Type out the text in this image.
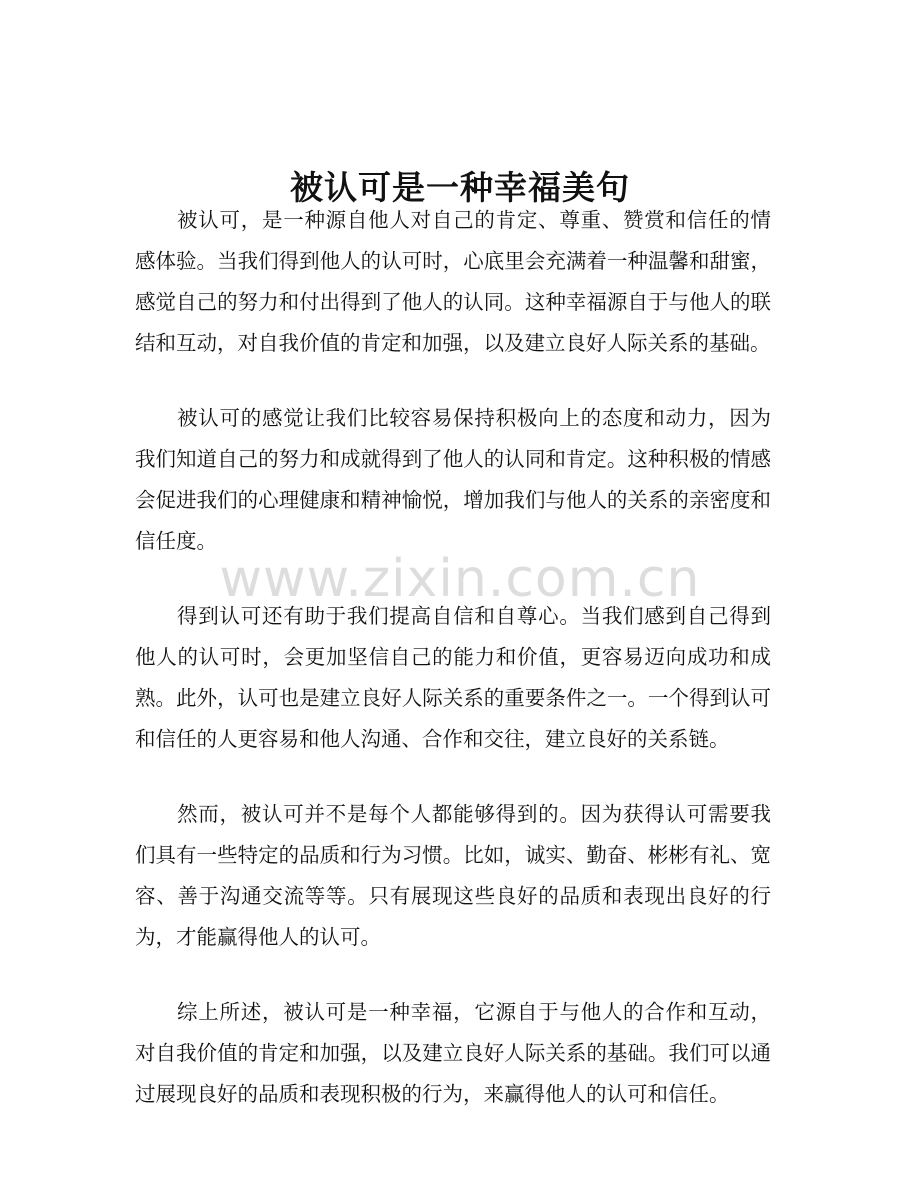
被认可是一种幸福美句

被认可，是一种源自他人对自己的肯定、尊重、赞赏和信任的情感体验。当我们得到他人的认可时，心底里会充满着一种温馨和甜蜜，感觉自己的努力和付出得到了他人的认同。这种幸福源自于与他人的联结和互动，对自我价值的肯定和加强，以及建立良好人际关系的基础。

被认可的感觉让我们比较容易保持积极向上的态度和动力，因为我们知道自己的努力和成就得到了他人的认同和肯定。这种积极的情感会促进我们的心理健康和精神愉悦，增加我们与他人的关系的亲密度和信任度。

得到认可还有助于我们提高自信和自尊心。当我们感到自己得到他人的认可时，会更加坚信自己的能力和价值，更容易迈向成功和成熟。此外，认可也是建立良好人际关系的重要条件之一。一个得到认可和信任的人更容易和他人沟通、合作和交往，建立良好的关系链。

然而，被认可并不是每个人都能够得到的。因为获得认可需要我们具有一些特定的品质和行为习惯。比如，诚实、勤奋、彬彬有礼、宽容、善于沟通交流等等。只有展现这些良好的品质和表现出良好的行为，才能赢得他人的认可。

综上所述，被认可是一种幸福，它源自于与他人的合作和互动，对自我价值的肯定和加强，以及建立良好人际关系的基础。我们可以通过展现良好的品质和表现积极的行为，来赢得他人的认可和信任。

www.zixin.com.cn
